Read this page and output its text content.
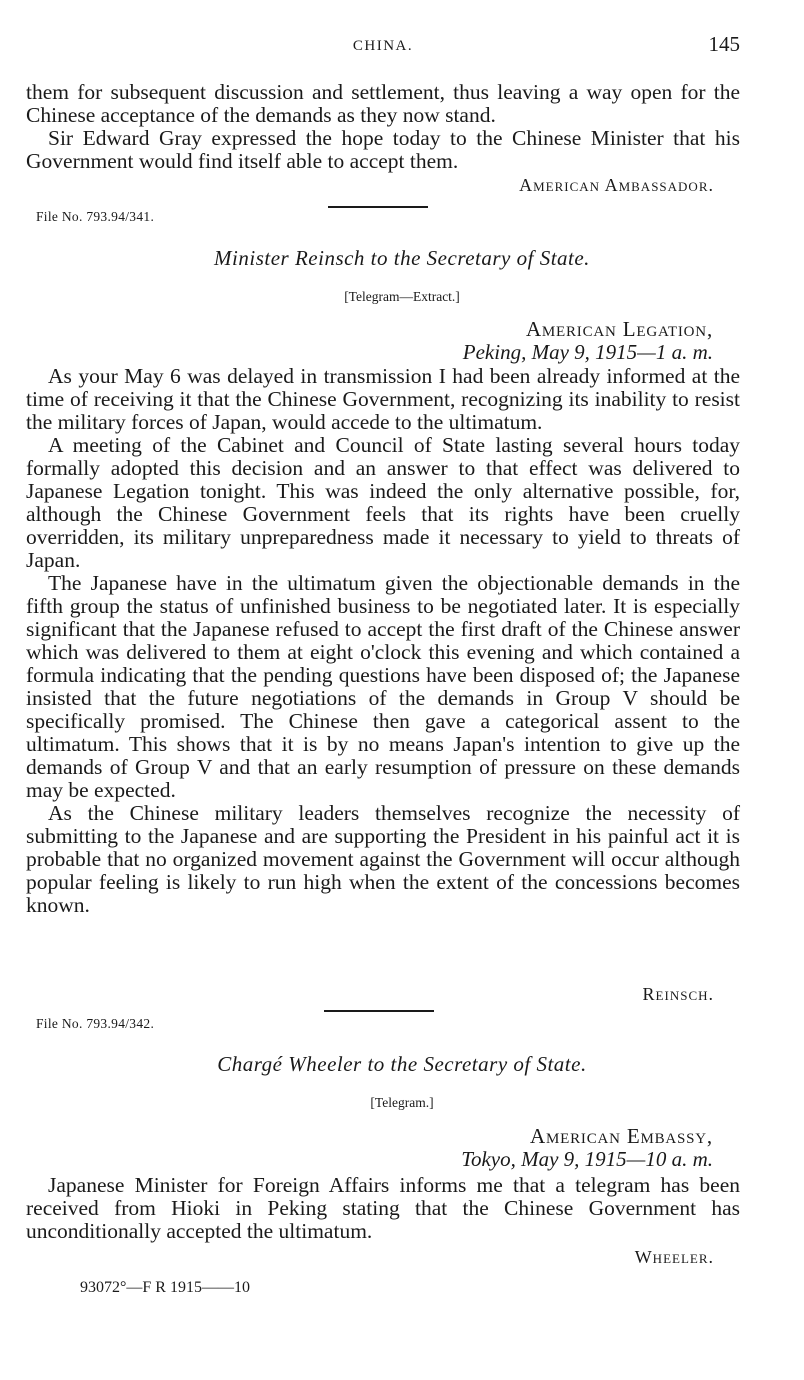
CHINA.	145

them for subsequent discussion and settlement, thus leaving a way open for the Chinese acceptance of the demands as they now stand.

Sir Edward Gray expressed the hope today to the Chinese Minister that his Government would find itself able to accept them.

American Ambassador.
File No. 793.94/341.
Minister Reinsch to the Secretary of State.
[Telegram—Extract.]
American Legation,
Peking, May 9, 1915—1 a. m.

As your May 6 was delayed in transmission I had been already informed at the time of receiving it that the Chinese Government, recognizing its inability to resist the military forces of Japan, would accede to the ultimatum.

A meeting of the Cabinet and Council of State lasting several hours today formally adopted this decision and an answer to that effect was delivered to Japanese Legation tonight. This was indeed the only alternative possible, for, although the Chinese Government feels that its rights have been cruelly overridden, its military unpreparedness made it necessary to yield to threats of Japan.

The Japanese have in the ultimatum given the objectionable demands in the fifth group the status of unfinished business to be negotiated later. It is especially significant that the Japanese refused to accept the first draft of the Chinese answer which was delivered to them at eight o'clock this evening and which contained a formula indicating that the pending questions have been disposed of; the Japanese insisted that the future negotiations of the demands in Group V should be specifically promised. The Chinese then gave a categorical assent to the ultimatum. This shows that it is by no means Japan's intention to give up the demands of Group V and that an early resumption of pressure on these demands may be expected.

As the Chinese military leaders themselves recognize the necessity of submitting to the Japanese and are supporting the President in his painful act it is probable that no organized movement against the Government will occur although popular feeling is likely to run high when the extent of the concessions becomes known.

Reinsch.
File No. 793.94/342.
Chargé Wheeler to the Secretary of State.
[Telegram.]
American Embassy,
Tokyo, May 9, 1915—10 a. m.

Japanese Minister for Foreign Affairs informs me that a telegram has been received from Hioki in Peking stating that the Chinese Government has unconditionally accepted the ultimatum.

Wheeler.
93072°—F R 1915——10
